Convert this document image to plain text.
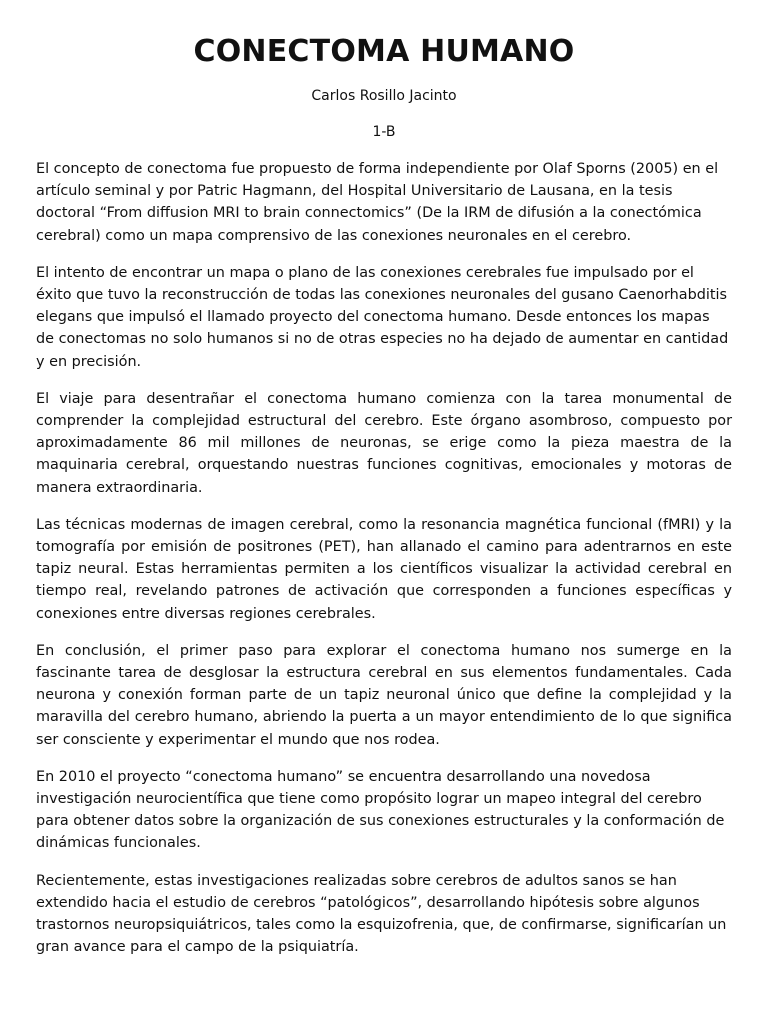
CONECTOMA HUMANO

Carlos Rosillo Jacinto

1-B

El concepto de conectoma fue propuesto de forma independiente por Olaf Sporns (2005) en el artículo seminal y por Patric Hagmann, del Hospital Universitario de Lausana, en la tesis doctoral “From diffusion MRI to brain connectomics” (De la IRM de difusión a la conectómica cerebral) como un mapa comprensivo de las conexiones neuronales en el cerebro.

El intento de encontrar un mapa o plano de las conexiones cerebrales fue impulsado por el éxito que tuvo la reconstrucción de todas las conexiones neuronales del gusano Caenorhabditis elegans que impulsó el llamado proyecto del conectoma humano. Desde entonces los mapas de conectomas no solo humanos si no de otras especies no ha dejado de aumentar en cantidad y en precisión.

El viaje para desentrañar el conectoma humano comienza con la tarea monumental de comprender la complejidad estructural del cerebro. Este órgano asombroso, compuesto por aproximadamente 86 mil millones de neuronas, se erige como la pieza maestra de la maquinaria cerebral, orquestando nuestras funciones cognitivas, emocionales y motoras de manera extraordinaria.

Las técnicas modernas de imagen cerebral, como la resonancia magnética funcional (fMRI) y la tomografía por emisión de positrones (PET), han allanado el camino para adentrarnos en este tapiz neural. Estas herramientas permiten a los científicos visualizar la actividad cerebral en tiempo real, revelando patrones de activación que corresponden a funciones específicas y conexiones entre diversas regiones cerebrales.

En conclusión, el primer paso para explorar el conectoma humano nos sumerge en la fascinante tarea de desglosar la estructura cerebral en sus elementos fundamentales. Cada neurona y conexión forman parte de un tapiz neuronal único que define la complejidad y la maravilla del cerebro humano, abriendo la puerta a un mayor entendimiento de lo que significa ser consciente y experimentar el mundo que nos rodea.

En 2010 el proyecto “conectoma humano” se encuentra desarrollando una novedosa investigación neurocientífica que tiene como propósito lograr un mapeo integral del cerebro para obtener datos sobre la organización de sus conexiones estructurales y la conformación de dinámicas funcionales.

Recientemente, estas investigaciones realizadas sobre cerebros de adultos sanos se han extendido hacia el estudio de cerebros “patológicos”, desarrollando hipótesis sobre algunos trastornos neuropsiquiátricos, tales como la esquizofrenia, que, de confirmarse, significarían un gran avance para el campo de la psiquiatría.
